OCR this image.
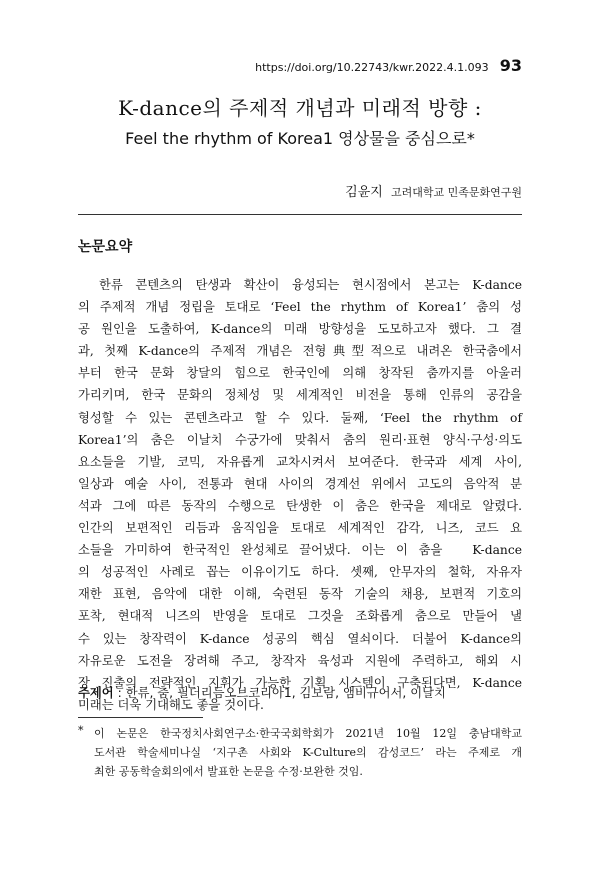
https://doi.org/10.22743/kwr.2022.4.1.093 93
K-dance의 주제적 개념과 미래적 방향 :
Feel the rhythm of Korea1 영상물을 중심으로*
김윤지 고려대학교 민족문화연구원
논문요약
　한류 콘텐츠의 탄생과 확산이 융성되는 현시점에서 본고는 K-dance
의 주제적 개념 정립을 토대로 ‘Feel the rhythm of Korea1’ 춤의 성
공 원인을 도출하여, K-dance의 미래 방향성을 도모하고자 했다. 그 결
과, 첫째 K-dance의 주제적 개념은 전형典型적으로 내려온 한국춤에서
부터 한국 문화 창달의 힘으로 한국인에 의해 창작된 춤까지를 아울러
가리키며, 한국 문화의 정체성 및 세계적인 비전을 통해 인류의 공감을
형성할 수 있는 콘텐츠라고 할 수 있다. 둘째, ‘Feel the rhythm of
Korea1’의 춤은 이날치 수궁가에 맞춰서 춤의 원리·표현 양식·구성·의도
요소들을 기발, 코믹, 자유롭게 교차시켜서 보여준다. 한국과 세계 사이,
일상과 예술 사이, 전통과 현대 사이의 경계선 위에서 고도의 음악적 분
석과 그에 따른 동작의 수행으로 탄생한 이 춤은 한국을 제대로 알렸다.
인간의 보편적인 리듬과 움직임을 토대로 세계적인 감각, 니즈, 코드 요
소들을 가미하여 한국적인 완성체로 끌어냈다. 이는 이 춤을 　K-dance
의 성공적인 사례로 꼽는 이유이기도 하다. 셋째, 안무자의 철학, 자유자
재한 표현, 음악에 대한 이해, 숙련된 동작 기술의 채용, 보편적 기호의
포착, 현대적 니즈의 반영을 토대로 그것을 조화롭게 춤으로 만들어 낼
수 있는 창작력이 K-dance 성공의 핵심 열쇠이다. 더불어 K-dance의
자유로운 도전을 장려해 주고, 창작자 육성과 지원에 주력하고, 해외 시
장 진출의 전략적인 지휘가 가능한 기획 시스템이 구축된다면, K-dance
미래는 더욱 기대해도 좋을 것이다.
주제어 : 한류, 춤, 필더리듬오브코리아1, 김보람, 앰비규어서, 이날치
* 이 논문은 한국정치사회연구소·한국국회학회가 2021년 10월 12일 충남대학교
도서관 학술세미나실 ‘지구촌 사회와 K-Culture의 감성코드’ 라는 주제로 개
최한 공동학술회의에서 발표한 논문을 수정·보완한 것임.
